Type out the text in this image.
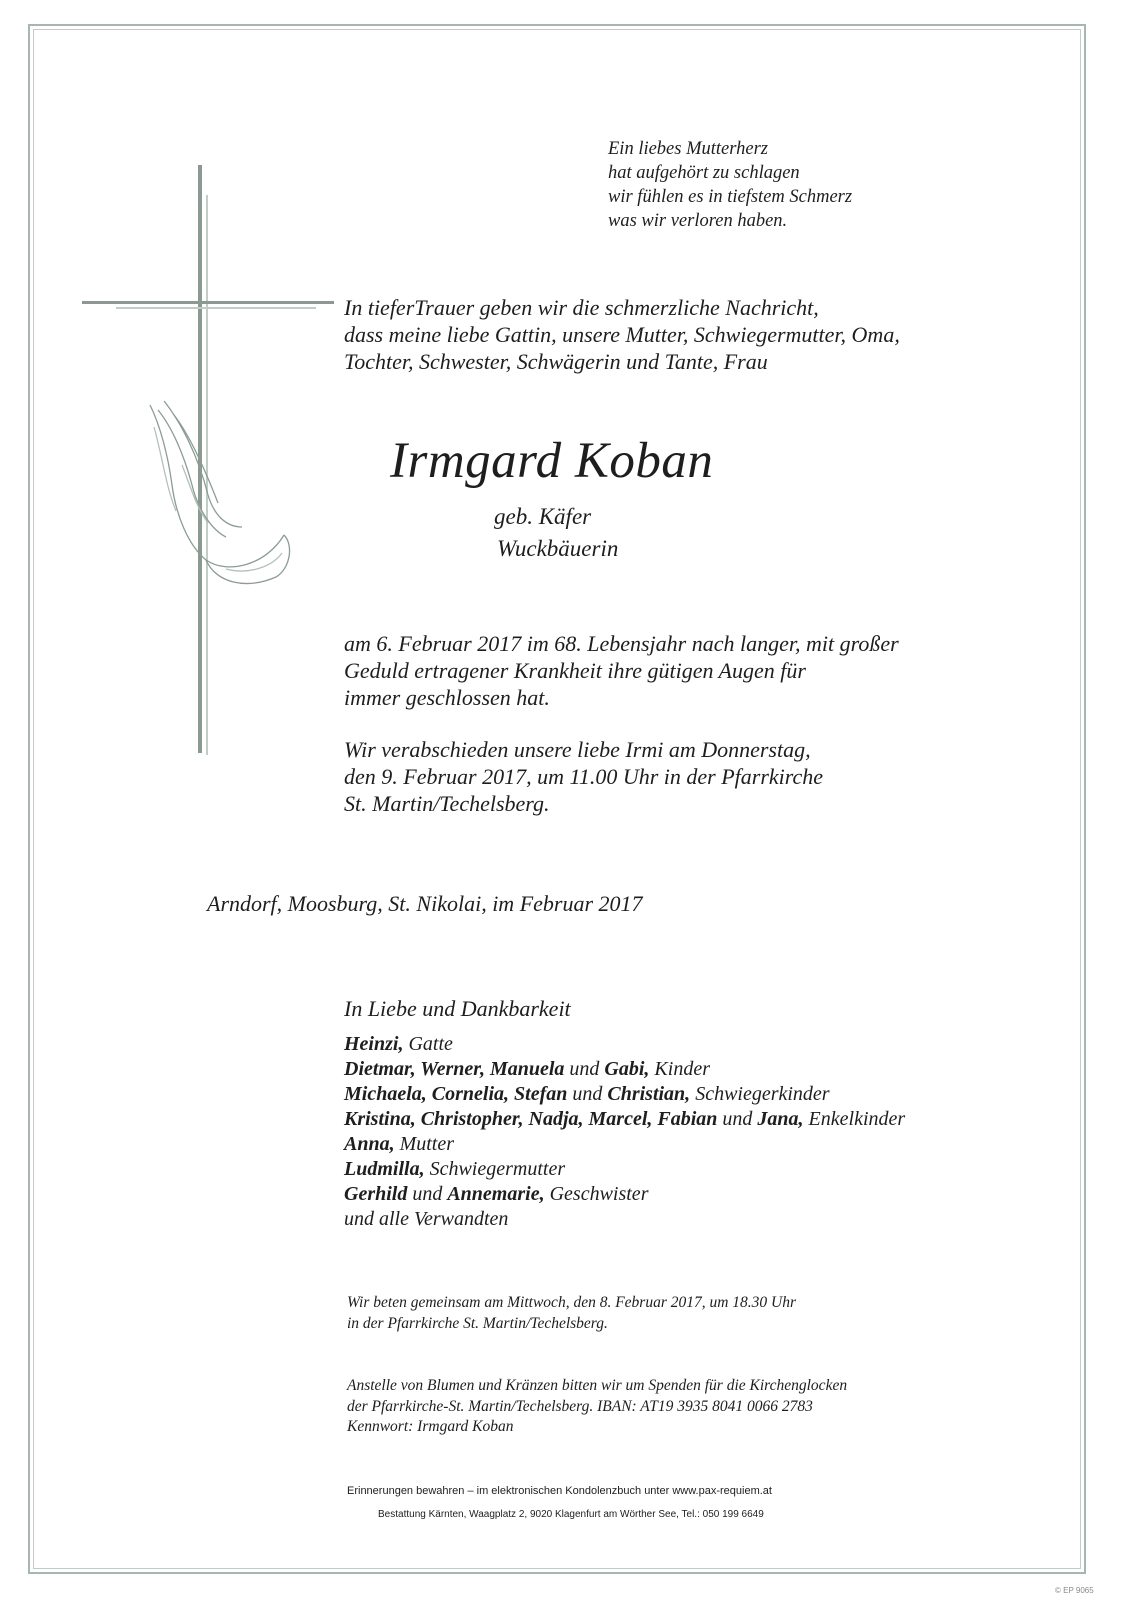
Ein liebes Mutterherz
hat aufgehört zu schlagen
wir fühlen es in tiefstem Schmerz
was wir verloren haben.
In tieferTrauer geben wir die schmerzliche Nachricht,
dass meine liebe Gattin, unsere Mutter, Schwiegermutter, Oma,
Tochter, Schwester, Schwägerin und Tante, Frau
Irmgard Koban
geb. Käfer
Wuckbäuerin
am 6. Februar 2017 im 68. Lebensjahr nach langer, mit großer
Geduld ertragener Krankheit ihre gütigen Augen für
immer geschlossen hat.
Wir verabschieden unsere liebe Irmi am Donnerstag,
den 9. Februar 2017, um 11.00 Uhr in der Pfarrkirche
St. Martin/Techelsberg.
Arndorf, Moosburg, St. Nikolai, im Februar 2017
In Liebe und Dankbarkeit
Heinzi, Gatte
Dietmar, Werner, Manuela und Gabi, Kinder
Michaela, Cornelia, Stefan und Christian, Schwiegerkinder
Kristina, Christopher, Nadja, Marcel, Fabian und Jana, Enkelkinder
Anna, Mutter
Ludmilla, Schwiegermutter
Gerhild und Annemarie, Geschwister
und alle Verwandten
Wir beten gemeinsam am Mittwoch, den 8. Februar 2017, um 18.30 Uhr
in der Pfarrkirche St. Martin/Techelsberg.
Anstelle von Blumen und Kränzen bitten wir um Spenden für die Kirchenglocken
der Pfarrkirche-St. Martin/Techelsberg. IBAN: AT19 3935 8041 0066 2783
Kennwort: Irmgard Koban
Erinnerungen bewahren – im elektronischen Kondolenzbuch unter www.pax-requiem.at
Bestattung Kärnten, Waagplatz 2, 9020 Klagenfurt am Wörther See, Tel.: 050 199 6649
© EP 9065
